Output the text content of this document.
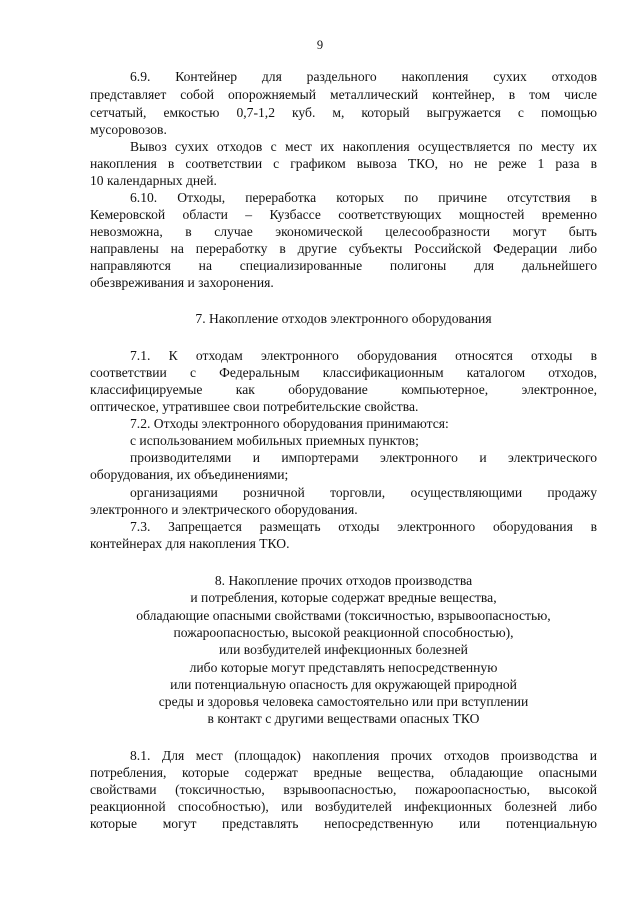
9
6.9. Контейнер для раздельного накопления сухих отходов
представляет собой опорожняемый металлический контейнер, в том числе
сетчатый, емкостью 0,7-1,2 куб. м, который выгружается с помощью
мусоровозов.
Вывоз сухих отходов с мест их накопления осуществляется по месту их
накопления в соответствии с графиком вывоза ТКО, но не реже 1 раза в
10 календарных дней.
6.10. Отходы, переработка которых по причине отсутствия в
Кемеровской области – Кузбассе соответствующих мощностей временно
невозможна, в случае экономической целесообразности могут быть
направлены на переработку в другие субъекты Российской Федерации либо
направляются на специализированные полигоны для дальнейшего
обезвреживания и захоронения.
7. Накопление отходов электронного оборудования
7.1. К отходам электронного оборудования относятся отходы в
соответствии с Федеральным классификационным каталогом отходов,
классифицируемые как оборудование компьютерное, электронное,
оптическое, утратившее свои потребительские свойства.
7.2. Отходы электронного оборудования принимаются:
с использованием мобильных приемных пунктов;
производителями и импортерами электронного и электрического
оборудования, их объединениями;
организациями розничной торговли, осуществляющими продажу
электронного и электрического оборудования.
7.3. Запрещается размещать отходы электронного оборудования в
контейнерах для накопления ТКО.
8. Накопление прочих отходов производства
и потребления, которые содержат вредные вещества,
обладающие опасными свойствами (токсичностью, взрывоопасностью,
пожароопасностью, высокой реакционной способностью),
или возбудителей инфекционных болезней
либо которые могут представлять непосредственную
или потенциальную опасность для окружающей природной
среды и здоровья человека самостоятельно или при вступлении
в контакт с другими веществами опасных ТКО
8.1. Для мест (площадок) накопления прочих отходов производства и
потребления, которые содержат вредные вещества, обладающие опасными
свойствами (токсичностью, взрывоопасностью, пожароопасностью, высокой
реакционной способностью), или возбудителей инфекционных болезней либо
которые могут представлять непосредственную или потенциальную
